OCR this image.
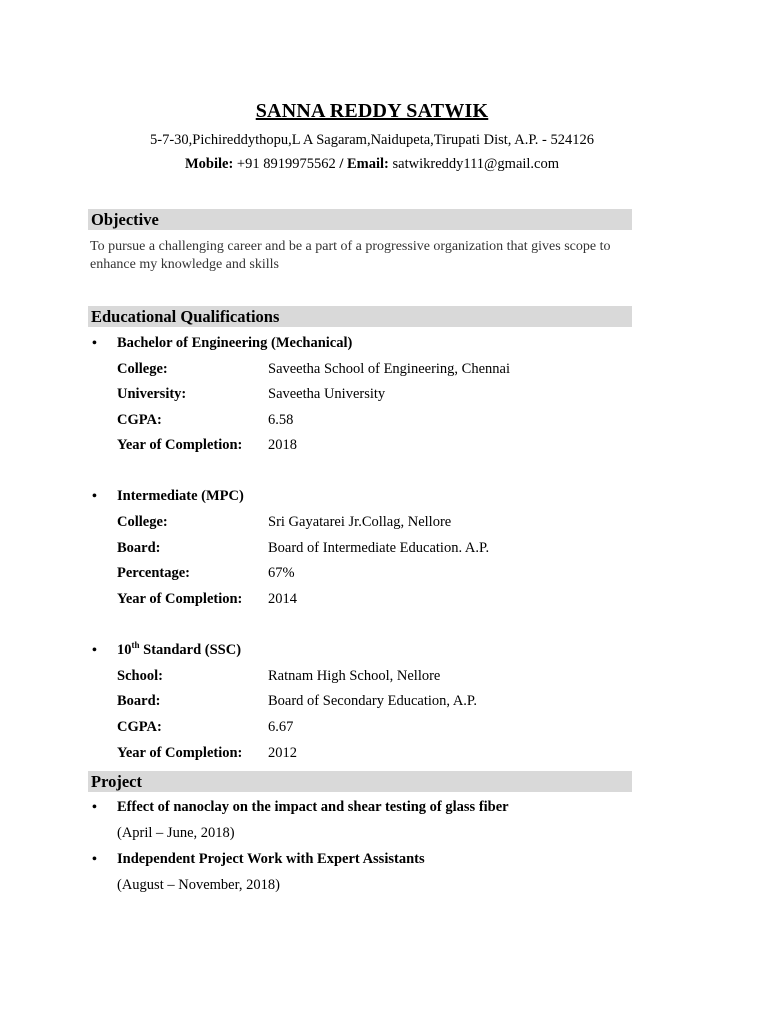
SANNA REDDY SATWIK
5-7-30,Pichireddythopu,L A Sagaram,Naidupeta,Tirupati Dist, A.P. - 524126
Mobile: +91 8919975562 / Email: satwikreddy111@gmail.com
Objective
To pursue a challenging career and be a part of a progressive organization that gives scope to
enhance my knowledge and skills
Educational Qualifications
• Bachelor of Engineering (Mechanical)
College:	Saveetha School of Engineering, Chennai
University:	Saveetha University
CGPA:	6.58
Year of Completion: 2018
• Intermediate (MPC)
College:	Sri Gayatarei Jr.Collag, Nellore
Board:	Board of Intermediate Education. A.P.
Percentage:	67%
Year of Completion: 2014
• 10th Standard (SSC)
School:	Ratnam High School, Nellore
Board:	Board of Secondary Education, A.P.
CGPA:	6.67
Year of Completion: 2012
Project
• Effect of nanoclay on the impact and shear testing of glass fiber
(April – June, 2018)
• Independent Project Work with Expert Assistants
(August – November, 2018)
